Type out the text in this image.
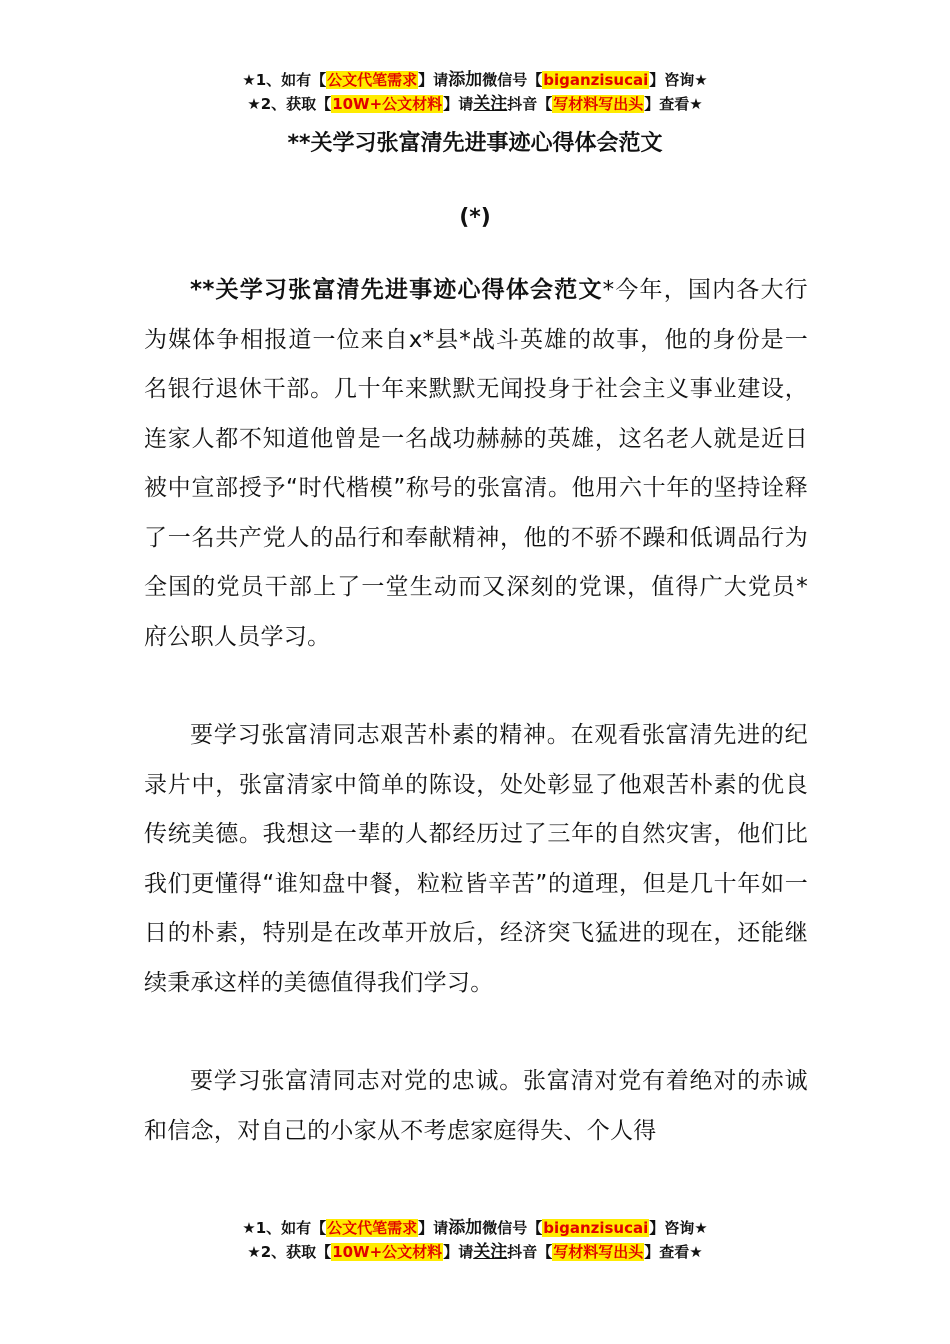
★1、如有【公文代笔需求】请添加微信号【biganzisucai】咨询★
★2、获取【10W+公文材料】请关注抖音【写材料写出头】查看★
**关学习张富清先进事迹心得体会范文
(*)

**关学习张富清先进事迹心得体会范文*今年，国内各大行为媒体争相报道一位来自x*县*战斗英雄的故事，他的身份是一名银行退休干部。几十年来默默无闻投身于社会主义事业建设，连家人都不知道他曾是一名战功赫赫的英雄，这名老人就是近日被中宣部授予“时代楷模”称号的张富清。他用六十年的坚持诠释了一名共产党人的品行和奉献精神，他的不骄不躁和低调品行为全国的党员干部上了一堂生动而又深刻的党课，值得广大党员*府公职人员学习。

要学习张富清同志艰苦朴素的精神。在观看张富清先进的纪录片中，张富清家中简单的陈设，处处彰显了他艰苦朴素的优良传统美德。我想这一辈的人都经历过了三年的自然灾害，他们比我们更懂得“谁知盘中餐，粒粒皆辛苦”的道理，但是几十年如一日的朴素，特别是在改革开放后，经济突飞猛进的现在，还能继续秉承这样的美德值得我们学习。

要学习张富清同志对党的忠诚。张富清对党有着绝对的赤诚和信念，对自己的小家从不考虑家庭得失、个人得

★1、如有【公文代笔需求】请添加微信号【biganzisucai】咨询★
★2、获取【10W+公文材料】请关注抖音【写材料写出头】查看★
